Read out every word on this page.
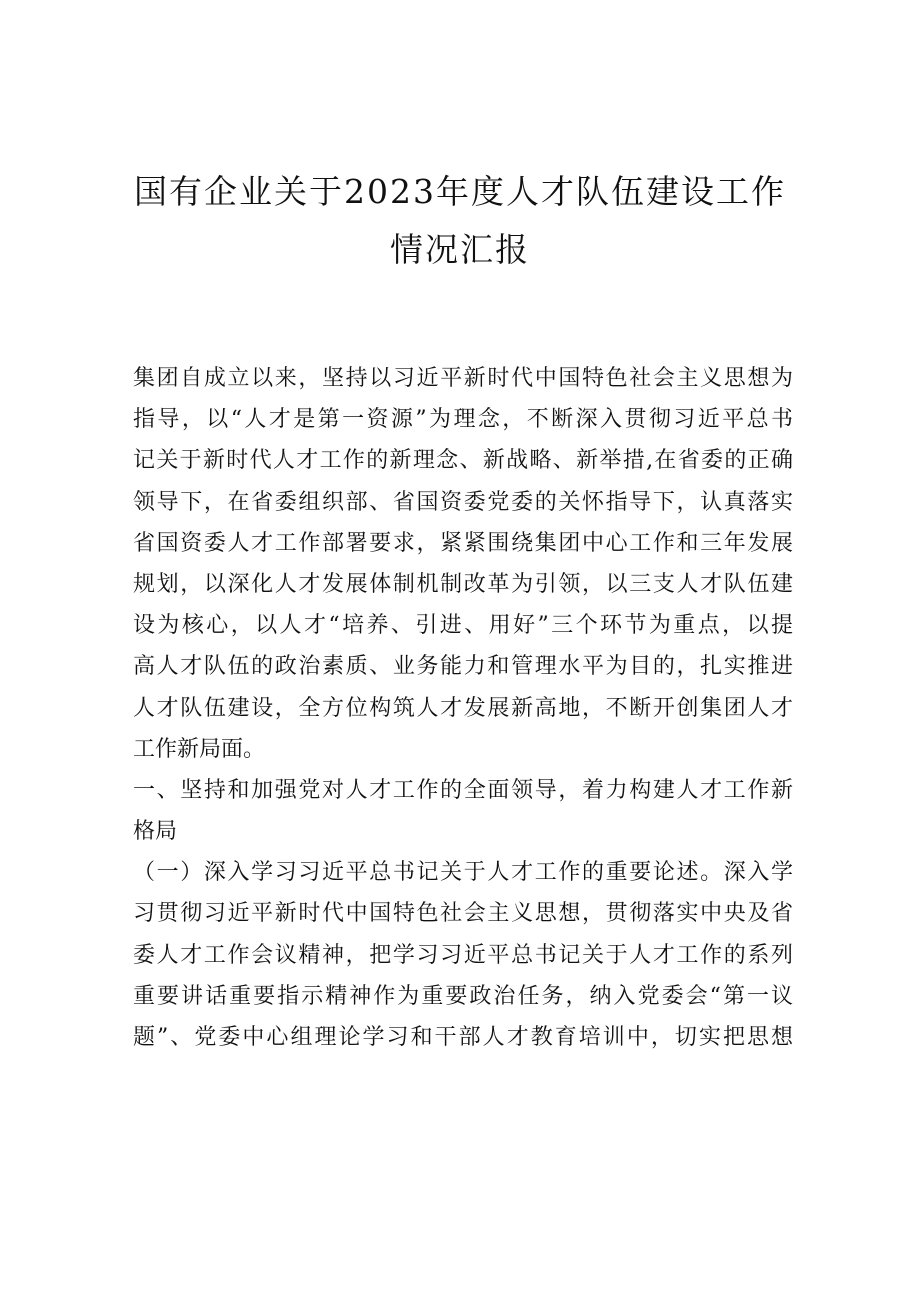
国有企业关于2023年度人才队伍建设工作
情况汇报
集团自成立以来，坚持以习近平新时代中国特色社会主义思想为
指导，以“人才是第一资源”为理念，不断深入贯彻习近平总书
记关于新时代人才工作的新理念、新战略、新举措,在省委的正确
领导下，在省委组织部、省国资委党委的关怀指导下，认真落实
省国资委人才工作部署要求，紧紧围绕集团中心工作和三年发展
规划，以深化人才发展体制机制改革为引领，以三支人才队伍建
设为核心，以人才“培养、引进、用好”三个环节为重点，以提
高人才队伍的政治素质、业务能力和管理水平为目的，扎实推进
人才队伍建设，全方位构筑人才发展新高地，不断开创集团人才
工作新局面。
一、坚持和加强党对人才工作的全面领导，着力构建人才工作新
格局
（一）深入学习习近平总书记关于人才工作的重要论述。深入学
习贯彻习近平新时代中国特色社会主义思想，贯彻落实中央及省
委人才工作会议精神，把学习习近平总书记关于人才工作的系列
重要讲话重要指示精神作为重要政治任务，纳入党委会“第一议
题”、党委中心组理论学习和干部人才教育培训中，切实把思想
